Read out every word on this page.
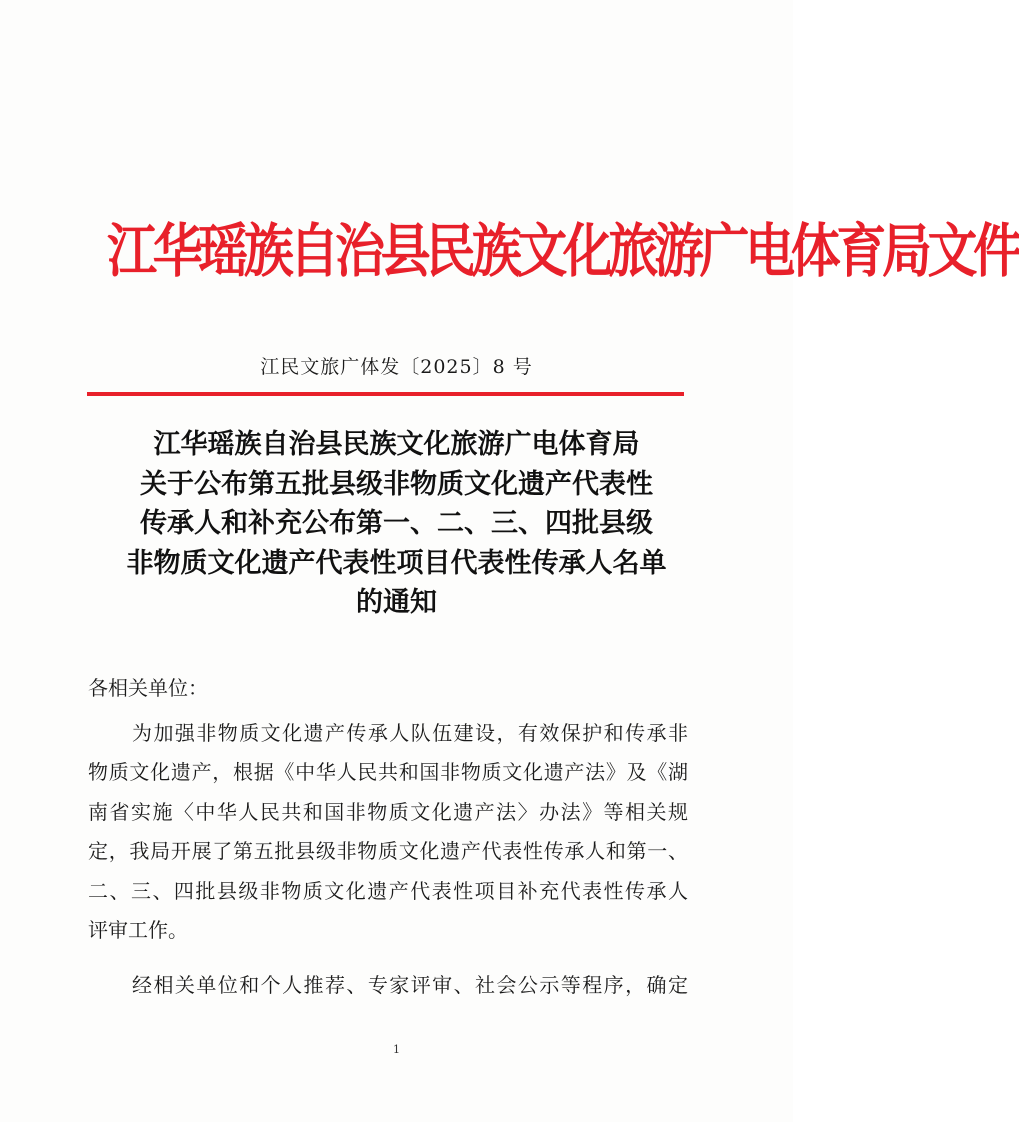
江华瑶族自治县民族文化旅游广电体育局文件
江民文旅广体发〔2025〕8 号
江华瑶族自治县民族文化旅游广电体育局
关于公布第五批县级非物质文化遗产代表性
传承人和补充公布第一、二、三、四批县级
非物质文化遗产代表性项目代表性传承人名单
的通知
各相关单位：
为加强非物质文化遗产传承人队伍建设，有效保护和传承非
物质文化遗产，根据《中华人民共和国非物质文化遗产法》及《湖
南省实施〈中华人民共和国非物质文化遗产法〉办法》等相关规
定，我局开展了第五批县级非物质文化遗产代表性传承人和第一、
二、三、四批县级非物质文化遗产代表性项目补充代表性传承人
评审工作。
经相关单位和个人推荐、专家评审、社会公示等程序，确定
1
